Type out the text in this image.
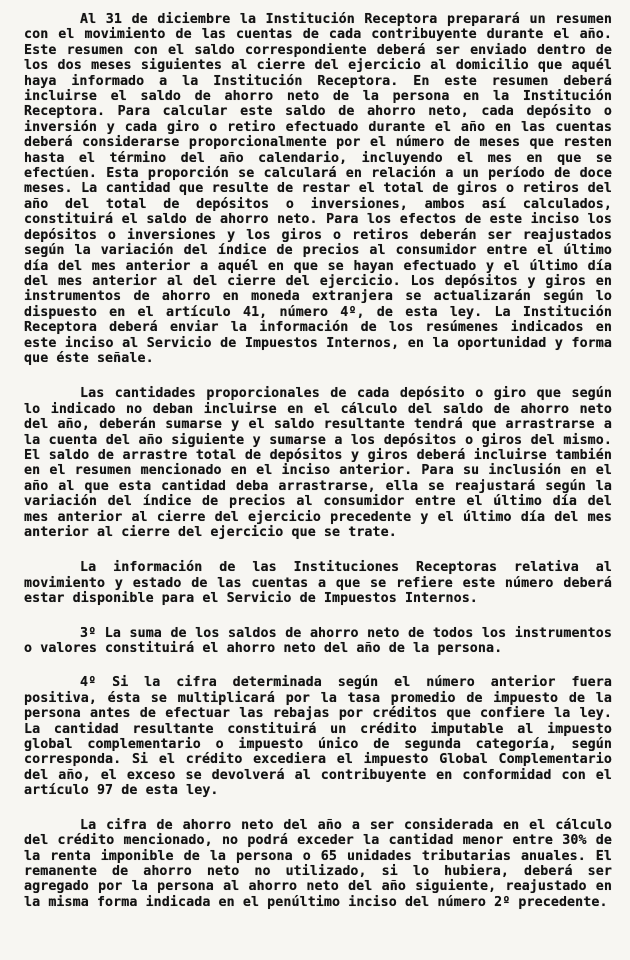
Al 31 de diciembre la Institución Receptora preparará un resumen con el movimiento de las cuentas de cada contribuyente durante el año. Este resumen con el saldo correspondiente deberá ser enviado dentro de los dos meses siguientes al cierre del ejercicio al domicilio que aquél haya informado a la Institución Receptora. En este resumen deberá incluirse el saldo de ahorro neto de la persona en la Institución Receptora. Para calcular este saldo de ahorro neto, cada depósito o inversión y cada giro o retiro efectuado durante el año en las cuentas deberá considerarse proporcionalmente por el número de meses que resten hasta el término del año calendario, incluyendo el mes en que se efectúen. Esta proporción se calculará en relación a un período de doce meses. La cantidad que resulte de restar el total de giros o retiros del año del total de depósitos o inversiones, ambos así calculados, constituirá el saldo de ahorro neto. Para los efectos de este inciso los depósitos o inversiones y los giros o retiros deberán ser reajustados según la variación del índice de precios al consumidor entre el último día del mes anterior a aquél en que se hayan efectuado y el último día del mes anterior al del cierre del ejercicio. Los depósitos y giros en instrumentos de ahorro en moneda extranjera se actualizarán según lo dispuesto en el artículo 41, número 4º, de esta ley. La Institución Receptora deberá enviar la información de los resúmenes indicados en este inciso al Servicio de Impuestos Internos, en la oportunidad y forma que éste señale.

Las cantidades proporcionales de cada depósito o giro que según lo indicado no deban incluirse en el cálculo del saldo de ahorro neto del año, deberán sumarse y el saldo resultante tendrá que arrastrarse a la cuenta del año siguiente y sumarse a los depósitos o giros del mismo. El saldo de arrastre total de depósitos y giros deberá incluirse también en el resumen mencionado en el inciso anterior. Para su inclusión en el año al que esta cantidad deba arrastrarse, ella se reajustará según la variación del índice de precios al consumidor entre el último día del mes anterior al cierre del ejercicio precedente y el último día del mes anterior al cierre del ejercicio que se trate.

La información de las Instituciones Receptoras relativa al movimiento y estado de las cuentas a que se refiere este número deberá estar disponible para el Servicio de Impuestos Internos.

3º La suma de los saldos de ahorro neto de todos los instrumentos o valores constituirá el ahorro neto del año de la persona.

4º Si la cifra determinada según el número anterior fuera positiva, ésta se multiplicará por la tasa promedio de impuesto de la persona antes de efectuar las rebajas por créditos que confiere la ley. La cantidad resultante constituirá un crédito imputable al impuesto global complementario o impuesto único de segunda categoría, según corresponda. Si el crédito excediera el impuesto Global Complementario del año, el exceso se devolverá al contribuyente en conformidad con el artículo 97 de esta ley.

La cifra de ahorro neto del año a ser considerada en el cálculo del crédito mencionado, no podrá exceder la cantidad menor entre 30% de la renta imponible de la persona o 65 unidades tributarias anuales. El remanente de ahorro neto no utilizado, si lo hubiera, deberá ser agregado por la persona al ahorro neto del año siguiente, reajustado en la misma forma indicada en el penúltimo inciso del número 2º precedente.
